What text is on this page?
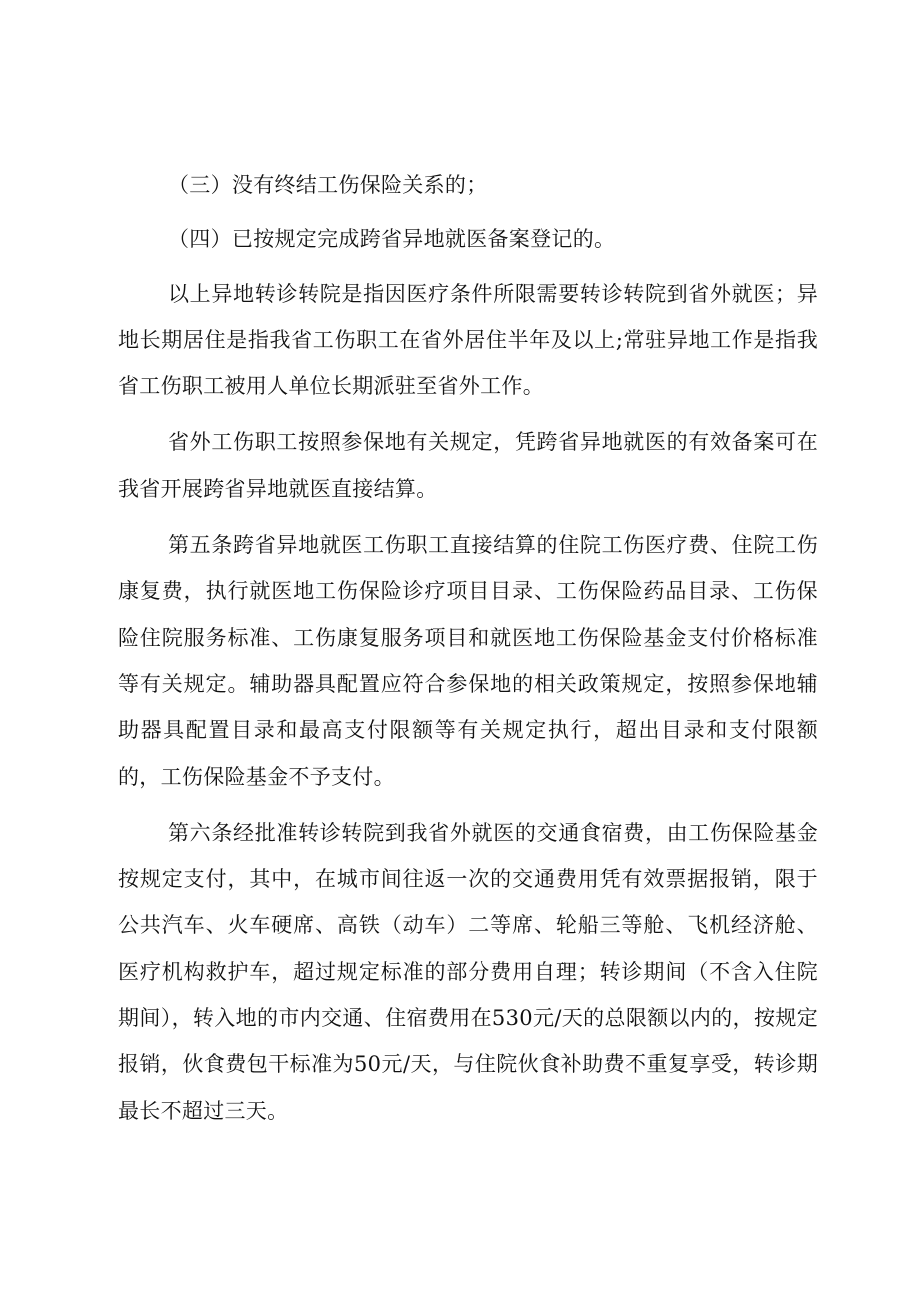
（三）没有终结工伤保险关系的；

（四）已按规定完成跨省异地就医备案登记的。

以上异地转诊转院是指因医疗条件所限需要转诊转院到省外就医；异地长期居住是指我省工伤职工在省外居住半年及以上;常驻异地工作是指我省工伤职工被用人单位长期派驻至省外工作。

省外工伤职工按照参保地有关规定，凭跨省异地就医的有效备案可在我省开展跨省异地就医直接结算。

第五条跨省异地就医工伤职工直接结算的住院工伤医疗费、住院工伤康复费，执行就医地工伤保险诊疗项目目录、工伤保险药品目录、工伤保险住院服务标准、工伤康复服务项目和就医地工伤保险基金支付价格标准等有关规定。辅助器具配置应符合参保地的相关政策规定，按照参保地辅助器具配置目录和最高支付限额等有关规定执行，超出目录和支付限额的，工伤保险基金不予支付。

第六条经批准转诊转院到我省外就医的交通食宿费，由工伤保险基金按规定支付，其中，在城市间往返一次的交通费用凭有效票据报销，限于公共汽车、火车硬席、高铁（动车）二等席、轮船三等舱、飞机经济舱、医疗机构救护车，超过规定标准的部分费用自理；转诊期间（不含入住院期间），转入地的市内交通、住宿费用在530元/天的总限额以内的，按规定报销，伙食费包干标准为50元/天，与住院伙食补助费不重复享受，转诊期最长不超过三天。
